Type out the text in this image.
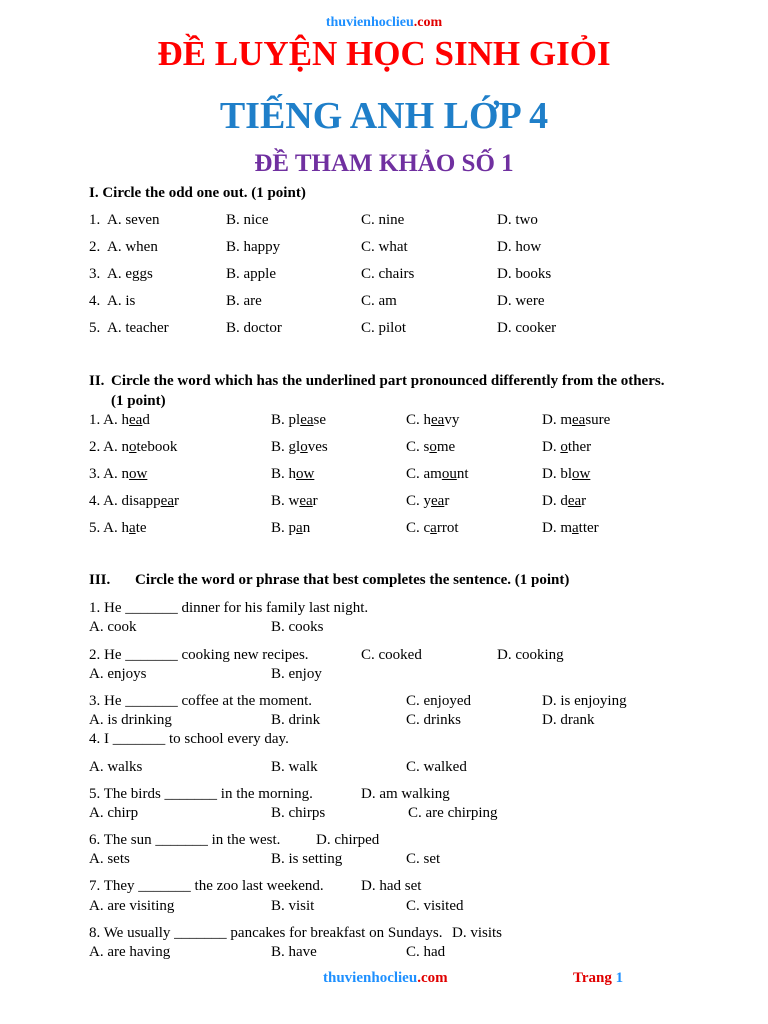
thuvienhoclieu.com
ĐỀ LUYỆN HỌC SINH GIỎI
TIẾNG ANH LỚP 4
ĐỀ THAM KHẢO SỐ 1
I. Circle the odd one out. (1 point)
1. A. seven	B. nice	C. nine	D. two
2. A. when	B. happy	C. what	D. how
3. A. eggs	B. apple	C. chairs	D. books
4. A. is	B. are	C. am	D. were
5. A. teacher	B. doctor	C. pilot	D. cooker
II. Circle the word which has the underlined part pronounced differently from the others.
(1 point)
1. A. head	B. please	C. heavy	D. measure
2. A. notebook	B. gloves	C. some	D. other
3. A. now	B. how	C. amount	D. blow
4. A. disappear	B. wear	C. year	D. dear
5. A. hate	B. pan	C. carrot	D. matter
III. Circle the word or phrase that best completes the sentence. (1 point)
1. He _______ dinner for his family last night.
A. cook	B. cooks
2. He _______ cooking new recipes.	C. cooked	D. cooking
A. enjoys	B. enjoy
3. He _______ coffee at the moment.	C. enjoyed	D. is enjoying
A. is drinking	B. drink	C. drinks	D. drank
4. I _______ to school every day.
A. walks	B. walk	C. walked
5. The birds _______ in the morning.	D. am walking
A. chirp	B. chirps	C. are chirping
6. The sun _______ in the west. D. chirped
A. sets	B. is setting	C. set
7. They _______ the zoo last weekend. D. had set
A. are visiting	B. visit	C. visited
8. We usually _______ pancakes for breakfast on Sundays. D. visits
A. are having	B. have	C. had
thuvienhoclieu.com	Trang 1
